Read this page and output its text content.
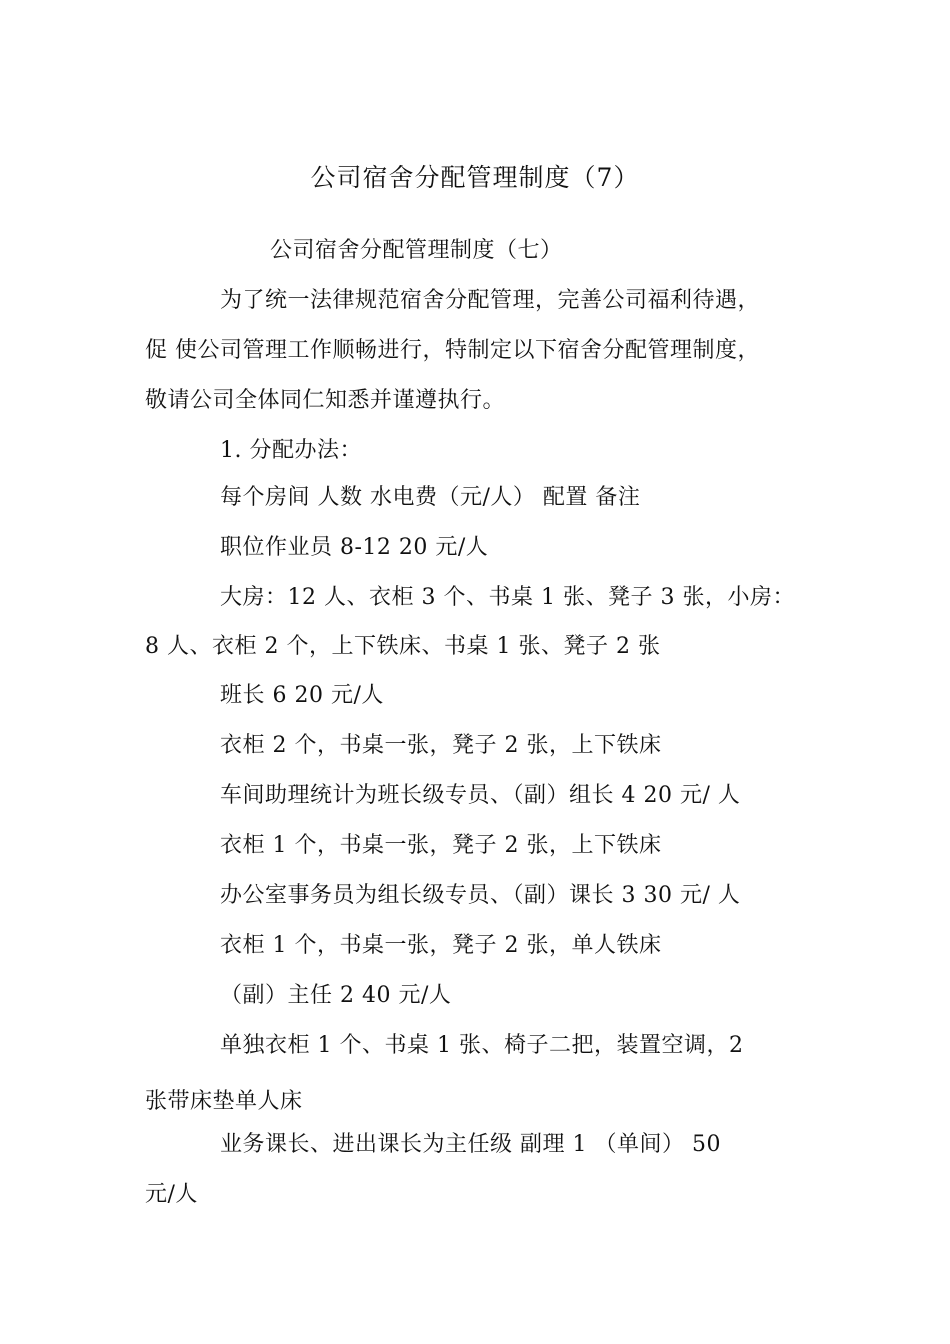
公司宿舍分配管理制度（7）
公司宿舍分配管理制度（七）
为了统一法律规范宿舍分配管理，完善公司福利待遇，
促 使公司管理工作顺畅进行，特制定以下宿舍分配管理制度，
敬请公司全体同仁知悉并谨遵执行。
1. 分配办法：
每个房间 人数 水电费（元/人） 配置 备注
职位作业员 8-12 20 元/人
大房：12 人、衣柜 3 个、书桌 1 张、凳子 3 张，小房：
8 人、衣柜 2 个，上下铁床、书桌 1 张、凳子 2 张
班长 6 20 元/人
衣柜 2 个，书桌一张，凳子 2 张，上下铁床
车间助理统计为班长级专员、（副）组长 4 20 元/ 人
衣柜 1 个，书桌一张，凳子 2 张，上下铁床
办公室事务员为组长级专员、（副）课长 3 30 元/ 人
衣柜 1 个，书桌一张，凳子 2 张，单人铁床
（副）主任 2 40 元/人
单独衣柜 1 个、书桌 1 张、椅子二把，装置空调，2
张带床垫单人床
业务课长、进出课长为主任级 副理 1 （单间） 50
元/人
